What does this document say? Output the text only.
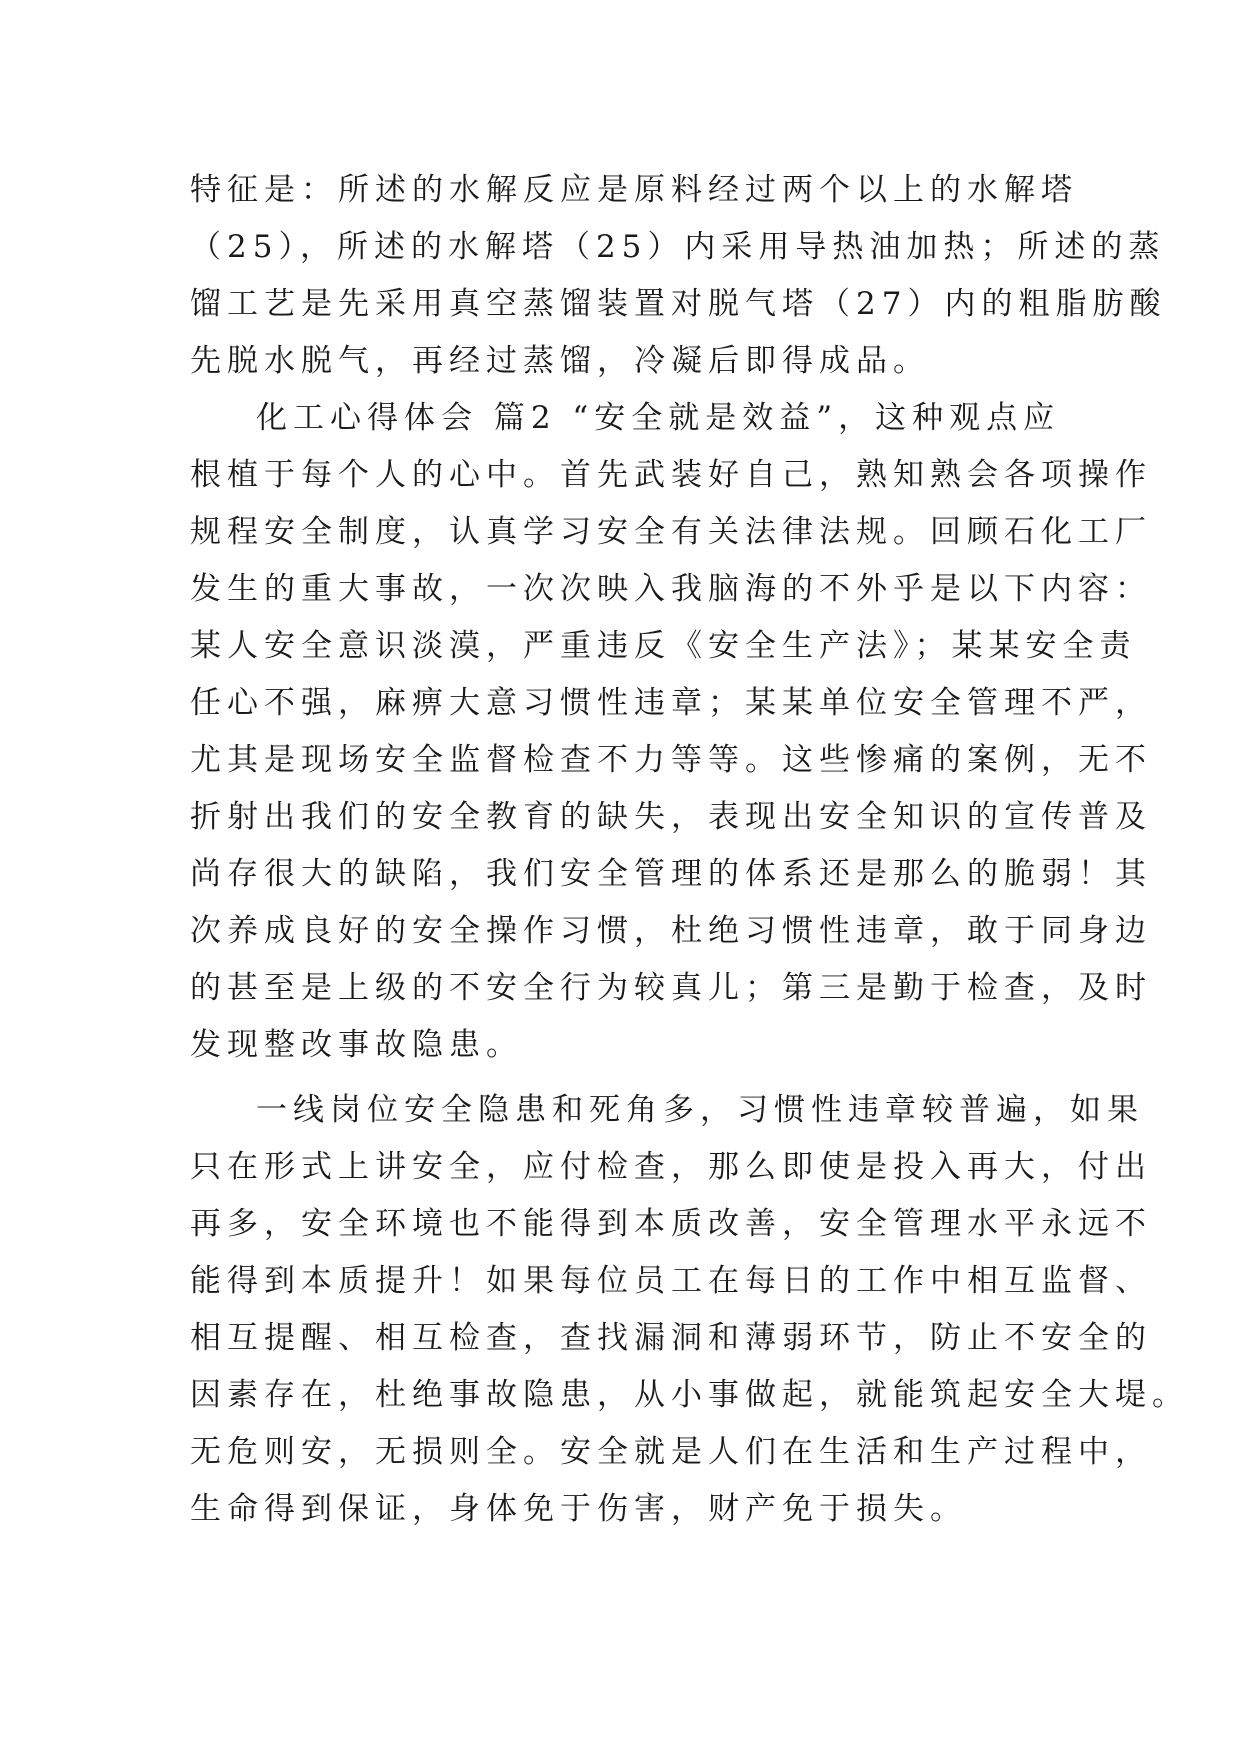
特征是：所述的水解反应是原料经过两个以上的水解塔
（25），所述的水解塔（25）内采用导热油加热；所述的蒸
馏工艺是先采用真空蒸馏装置对脱气塔（27）内的粗脂肪酸
先脱水脱气，再经过蒸馏，冷凝后即得成品。
化工心得体会 篇2 “安全就是效益”，这种观点应
根植于每个人的心中。首先武装好自己，熟知熟会各项操作
规程安全制度，认真学习安全有关法律法规。回顾石化工厂
发生的重大事故，一次次映入我脑海的不外乎是以下内容：
某人安全意识淡漠，严重违反《安全生产法》；某某安全责
任心不强，麻痹大意习惯性违章；某某单位安全管理不严，
尤其是现场安全监督检查不力等等。这些惨痛的案例，无不
折射出我们的安全教育的缺失，表现出安全知识的宣传普及
尚存很大的缺陷，我们安全管理的体系还是那么的脆弱！其
次养成良好的安全操作习惯，杜绝习惯性违章，敢于同身边
的甚至是上级的不安全行为较真儿；第三是勤于检查，及时
发现整改事故隐患。
一线岗位安全隐患和死角多，习惯性违章较普遍，如果
只在形式上讲安全，应付检查，那么即使是投入再大，付出
再多，安全环境也不能得到本质改善，安全管理水平永远不
能得到本质提升！如果每位员工在每日的工作中相互监督、
相互提醒、相互检查，查找漏洞和薄弱环节，防止不安全的
因素存在，杜绝事故隐患，从小事做起，就能筑起安全大堤。
无危则安，无损则全。安全就是人们在生活和生产过程中，
生命得到保证，身体免于伤害，财产免于损失。
